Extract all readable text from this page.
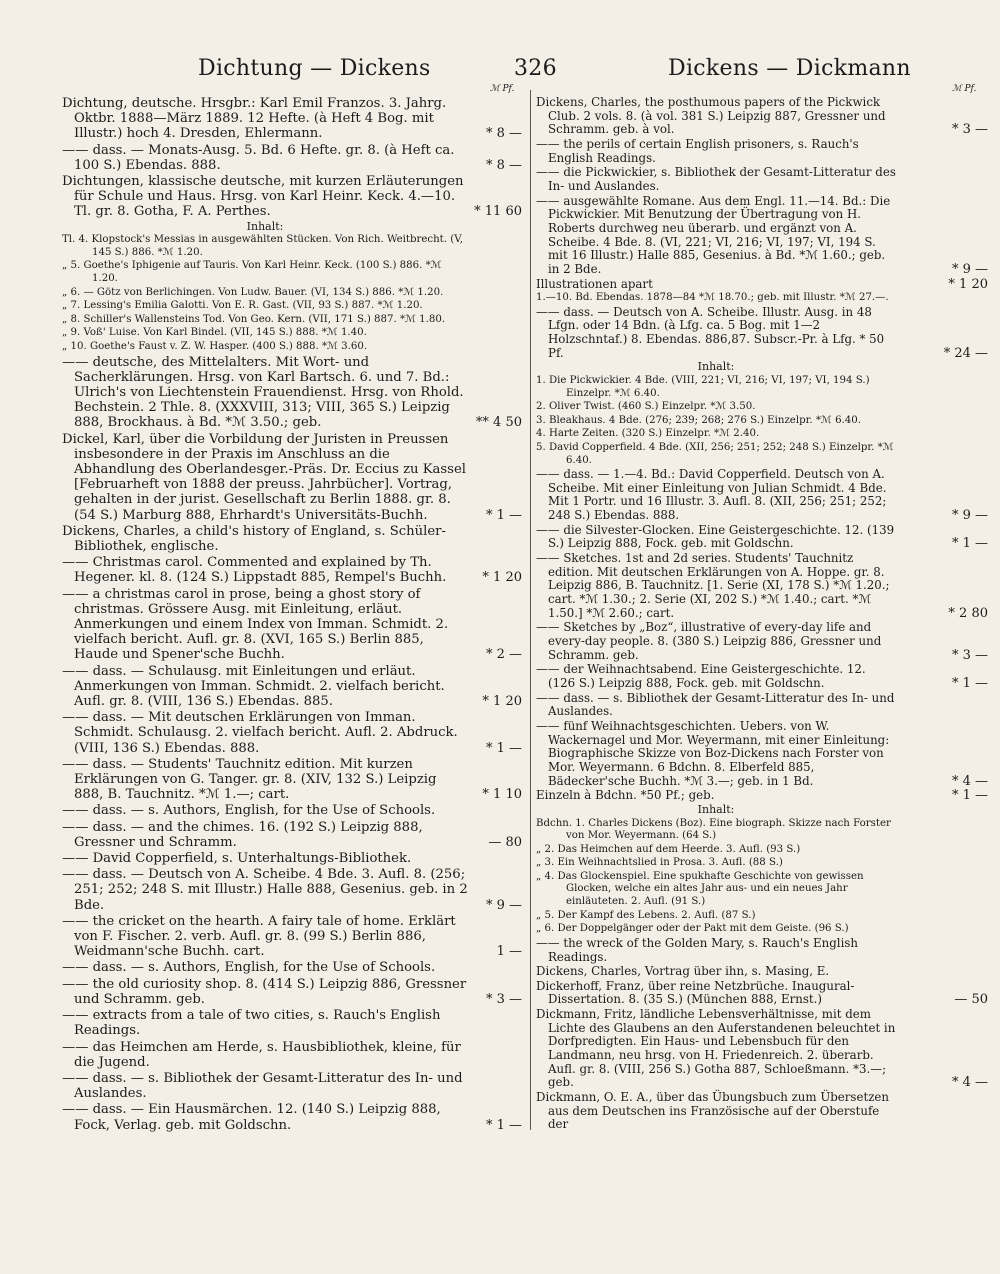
Dichtung — Dickens	326	Dickens — Dickmann
ℳ Pf.	ℳ Pf.
Dichtung, deutsche. Hrsgbr.: Karl Emil Franzos. 3. Jahrg. Oktbr. 1888—März 1889. 12 Hefte. (à Heft 4 Bog. mit Illustr.) hoch 4. Dresden, Ehlermann.	* 8 —
—— dass. — Monats-Ausg. 5. Bd. 6 Hefte. gr. 8. (à Heft ca. 100 S.) Ebendas. 888.	* 8 —
Dichtungen, klassische deutsche, mit kurzen Erläuterungen für Schule und Haus. Hrsg. von Karl Heinr. Keck. 4.—10. Tl. gr. 8. Gotha, F. A. Perthes.	* 11 60
Inhalt:
Tl. 4. Klopstock's Messias in ausgewählten Stücken. Von Rich. Weitbrecht. (V, 145 S.) 886. *ℳ 1.20.
„ 5. Goethe's Iphigenie auf Tauris. Von Karl Heinr. Keck. (100 S.) 886. *ℳ 1.20.
„ 6. — Götz von Berlichingen. Von Ludw. Bauer. (VI, 134 S.) 886. *ℳ 1.20.
„ 7. Lessing's Emilia Galotti. Von E. R. Gast. (VII, 93 S.) 887. *ℳ 1.20.
„ 8. Schiller's Wallensteins Tod. Von Geo. Kern. (VII, 171 S.) 887. *ℳ 1.80.
„ 9. Voß' Luise. Von Karl Bindel. (VII, 145 S.) 888. *ℳ 1.40.
„ 10. Goethe's Faust v. Z. W. Hasper. (400 S.) 888. *ℳ 3.60.
—— deutsche, des Mittelalters. Mit Wort- und Sacherklärungen. Hrsg. von Karl Bartsch. 6. und 7. Bd.: Ulrich's von Liechtenstein Frauendienst. Hrsg. von Rhold. Bechstein. 2 Thle. 8. (XXXVIII, 313; VIII, 365 S.) Leipzig 888, Brockhaus. à Bd. *ℳ 3.50.; geb.	** 4 50
Dickel, Karl, über die Vorbildung der Juristen in Preussen insbesondere in der Praxis im Anschluss an die Abhandlung des Oberlandesger.-Präs. Dr. Eccius zu Kassel [Februarheft von 1888 der preuss. Jahrbücher]. Vortrag, gehalten in der jurist. Gesellschaft zu Berlin 1888. gr. 8. (54 S.) Marburg 888, Ehrhardt's Universitäts-Buchh.	* 1 —
Dickens, Charles, a child's history of England, s. Schüler-Bibliothek, englische.
—— Christmas carol. Commented and explained by Th. Hegener. kl. 8. (124 S.) Lippstadt 885, Rempel's Buchh.	* 1 20
—— a christmas carol in prose, being a ghost story of christmas. Grössere Ausg. mit Einleitung, erläut. Anmerkungen und einem Index von Imman. Schmidt. 2. vielfach bericht. Aufl. gr. 8. (XVI, 165 S.) Berlin 885, Haude und Spener'sche Buchh.	* 2 —
—— dass. — Schulausg. mit Einleitungen und erläut. Anmerkungen von Imman. Schmidt. 2. vielfach bericht. Aufl. gr. 8. (VIII, 136 S.) Ebendas. 885.	* 1 20
—— dass. — Mit deutschen Erklärungen von Imman. Schmidt. Schulausg. 2. vielfach bericht. Aufl. 2. Abdruck. (VIII, 136 S.) Ebendas. 888.	* 1 —
—— dass. — Students' Tauchnitz edition. Mit kurzen Erklärungen von G. Tanger. gr. 8. (XIV, 132 S.) Leipzig 888, B. Tauchnitz. *ℳ 1.—; cart.	* 1 10
—— dass. — s. Authors, English, for the Use of Schools.
—— dass. — and the chimes. 16. (192 S.) Leipzig 888, Gressner und Schramm.	— 80
—— David Copperfield, s. Unterhaltungs-Bibliothek.
—— dass. — Deutsch von A. Scheibe. 4 Bde. 3. Aufl. 8. (256; 251; 252; 248 S. mit Illustr.) Halle 888, Gesenius. geb. in 2 Bde.	* 9 —
—— the cricket on the hearth. A fairy tale of home. Erklärt von F. Fischer. 2. verb. Aufl. gr. 8. (99 S.) Berlin 886, Weidmann'sche Buchh. cart.	1 —
—— dass. — s. Authors, English, for the Use of Schools.
—— the old curiosity shop. 8. (414 S.) Leipzig 886, Gressner und Schramm. geb.	* 3 —
—— extracts from a tale of two cities, s. Rauch's English Readings.
—— das Heimchen am Herde, s. Hausbibliothek, kleine, für die Jugend.
—— dass. — s. Bibliothek der Gesamt-Litteratur des In- und Auslandes.
—— dass. — Ein Hausmärchen. 12. (140 S.) Leipzig 888, Fock, Verlag. geb. mit Goldschn.	* 1 —
Dickens, Charles, the posthumous papers of the Pickwick Club. 2 vols. 8. (à vol. 381 S.) Leipzig 887, Gressner und Schramm. geb. à vol.	* 3 —
—— the perils of certain English prisoners, s. Rauch's English Readings.
—— die Pickwickier, s. Bibliothek der Gesamt-Litteratur des In- und Auslandes.
—— ausgewählte Romane. Aus dem Engl. 11.—14. Bd.: Die Pickwickier. Mit Benutzung der Übertragung von H. Roberts durchweg neu überarb. und ergänzt von A. Scheibe. 4 Bde. 8. (VI, 221; VI, 216; VI, 197; VI, 194 S. mit 16 Illustr.) Halle 885, Gesenius. à Bd. *ℳ 1.60.; geb. in 2 Bde.	* 9 —
Illustrationen apart	* 1 20
1.—10. Bd. Ebendas. 1878—84 *ℳ 18.70.; geb. mit Illustr. *ℳ 27.—.
—— dass. — Deutsch von A. Scheibe. Illustr. Ausg. in 48 Lfgn. oder 14 Bdn. (à Lfg. ca. 5 Bog. mit 1—2 Holzschntaf.) 8. Ebendas. 886,87. Subscr.-Pr. à Lfg. * 50 Pf.	* 24 —
Inhalt:
1. Die Pickwickier. 4 Bde. (VIII, 221; VI, 216; VI, 197; VI, 194 S.) Einzelpr. *ℳ 6.40.
2. Oliver Twist. (460 S.) Einzelpr. *ℳ 3.50.
3. Bleakhaus. 4 Bde. (276; 239; 268; 276 S.) Einzelpr. *ℳ 6.40.
4. Harte Zeiten. (320 S.) Einzelpr. *ℳ 2.40.
5. David Copperfield. 4 Bde. (XII, 256; 251; 252; 248 S.) Einzelpr. *ℳ 6.40.
—— dass. — 1.—4. Bd.: David Copperfield. Deutsch von A. Scheibe. Mit einer Einleitung von Julian Schmidt. 4 Bde. Mit 1 Portr. und 16 Illustr. 3. Aufl. 8. (XII, 256; 251; 252; 248 S.) Ebendas. 888.	* 9 —
—— die Silvester-Glocken. Eine Geistergeschichte. 12. (139 S.) Leipzig 888, Fock. geb. mit Goldschn.	* 1 —
—— Sketches. 1st and 2d series. Students' Tauchnitz edition. Mit deutschen Erklärungen von A. Hoppe. gr. 8. Leipzig 886, B. Tauchnitz. [1. Serie (XI, 178 S.) *ℳ 1.20.; cart. *ℳ 1.30.; 2. Serie (XI, 202 S.) *ℳ 1.40.; cart. *ℳ 1.50.] *ℳ 2.60.; cart.	* 2 80
—— Sketches by „Boz“, illustrative of every-day life and every-day people. 8. (380 S.) Leipzig 886, Gressner und Schramm. geb.	* 3 —
—— der Weihnachtsabend. Eine Geistergeschichte. 12. (126 S.) Leipzig 888, Fock. geb. mit Goldschn.	* 1 —
—— dass. — s. Bibliothek der Gesamt-Litteratur des In- und Auslandes.
—— fünf Weihnachtsgeschichten. Uebers. von W. Wackernagel und Mor. Weyermann, mit einer Einleitung: Biographische Skizze von Boz-Dickens nach Forster von Mor. Weyermann. 6 Bdchn. 8. Elberfeld 885, Bädecker'sche Buchh. *ℳ 3.—; geb. in 1 Bd.	* 4 —
Einzeln à Bdchn. *50 Pf.; geb.	* 1 —
Inhalt:
Bdchn. 1. Charles Dickens (Boz). Eine biograph. Skizze nach Forster von Mor. Weyermann. (64 S.)
„ 2. Das Heimchen auf dem Heerde. 3. Aufl. (93 S.)
„ 3. Ein Weihnachtslied in Prosa. 3. Aufl. (88 S.)
„ 4. Das Glockenspiel. Eine spukhafte Geschichte von gewissen Glocken, welche ein altes Jahr aus- und ein neues Jahr einläuteten. 2. Aufl. (91 S.)
„ 5. Der Kampf des Lebens. 2. Aufl. (87 S.)
„ 6. Der Doppelgänger oder der Pakt mit dem Geiste. (96 S.)
—— the wreck of the Golden Mary, s. Rauch's English Readings.
Dickens, Charles, Vortrag über ihn, s. Masing, E.
Dickerhoff, Franz, über reine Netzbrüche. Inaugural-Dissertation. 8. (35 S.) (München 888, Ernst.)	— 50
Dickmann, Fritz, ländliche Lebensverhältnisse, mit dem Lichte des Glaubens an den Auferstandenen beleuchtet in Dorfpredigten. Ein Haus- und Lebensbuch für den Landmann, neu hrsg. von H. Friedenreich. 2. überarb. Aufl. gr. 8. (VIII, 256 S.) Gotha 887, Schloeßmann. *3.—; geb.	* 4 —
Dickmann, O. E. A., über das Übungsbuch zum Übersetzen aus dem Deutschen ins Französische auf der Oberstufe der
